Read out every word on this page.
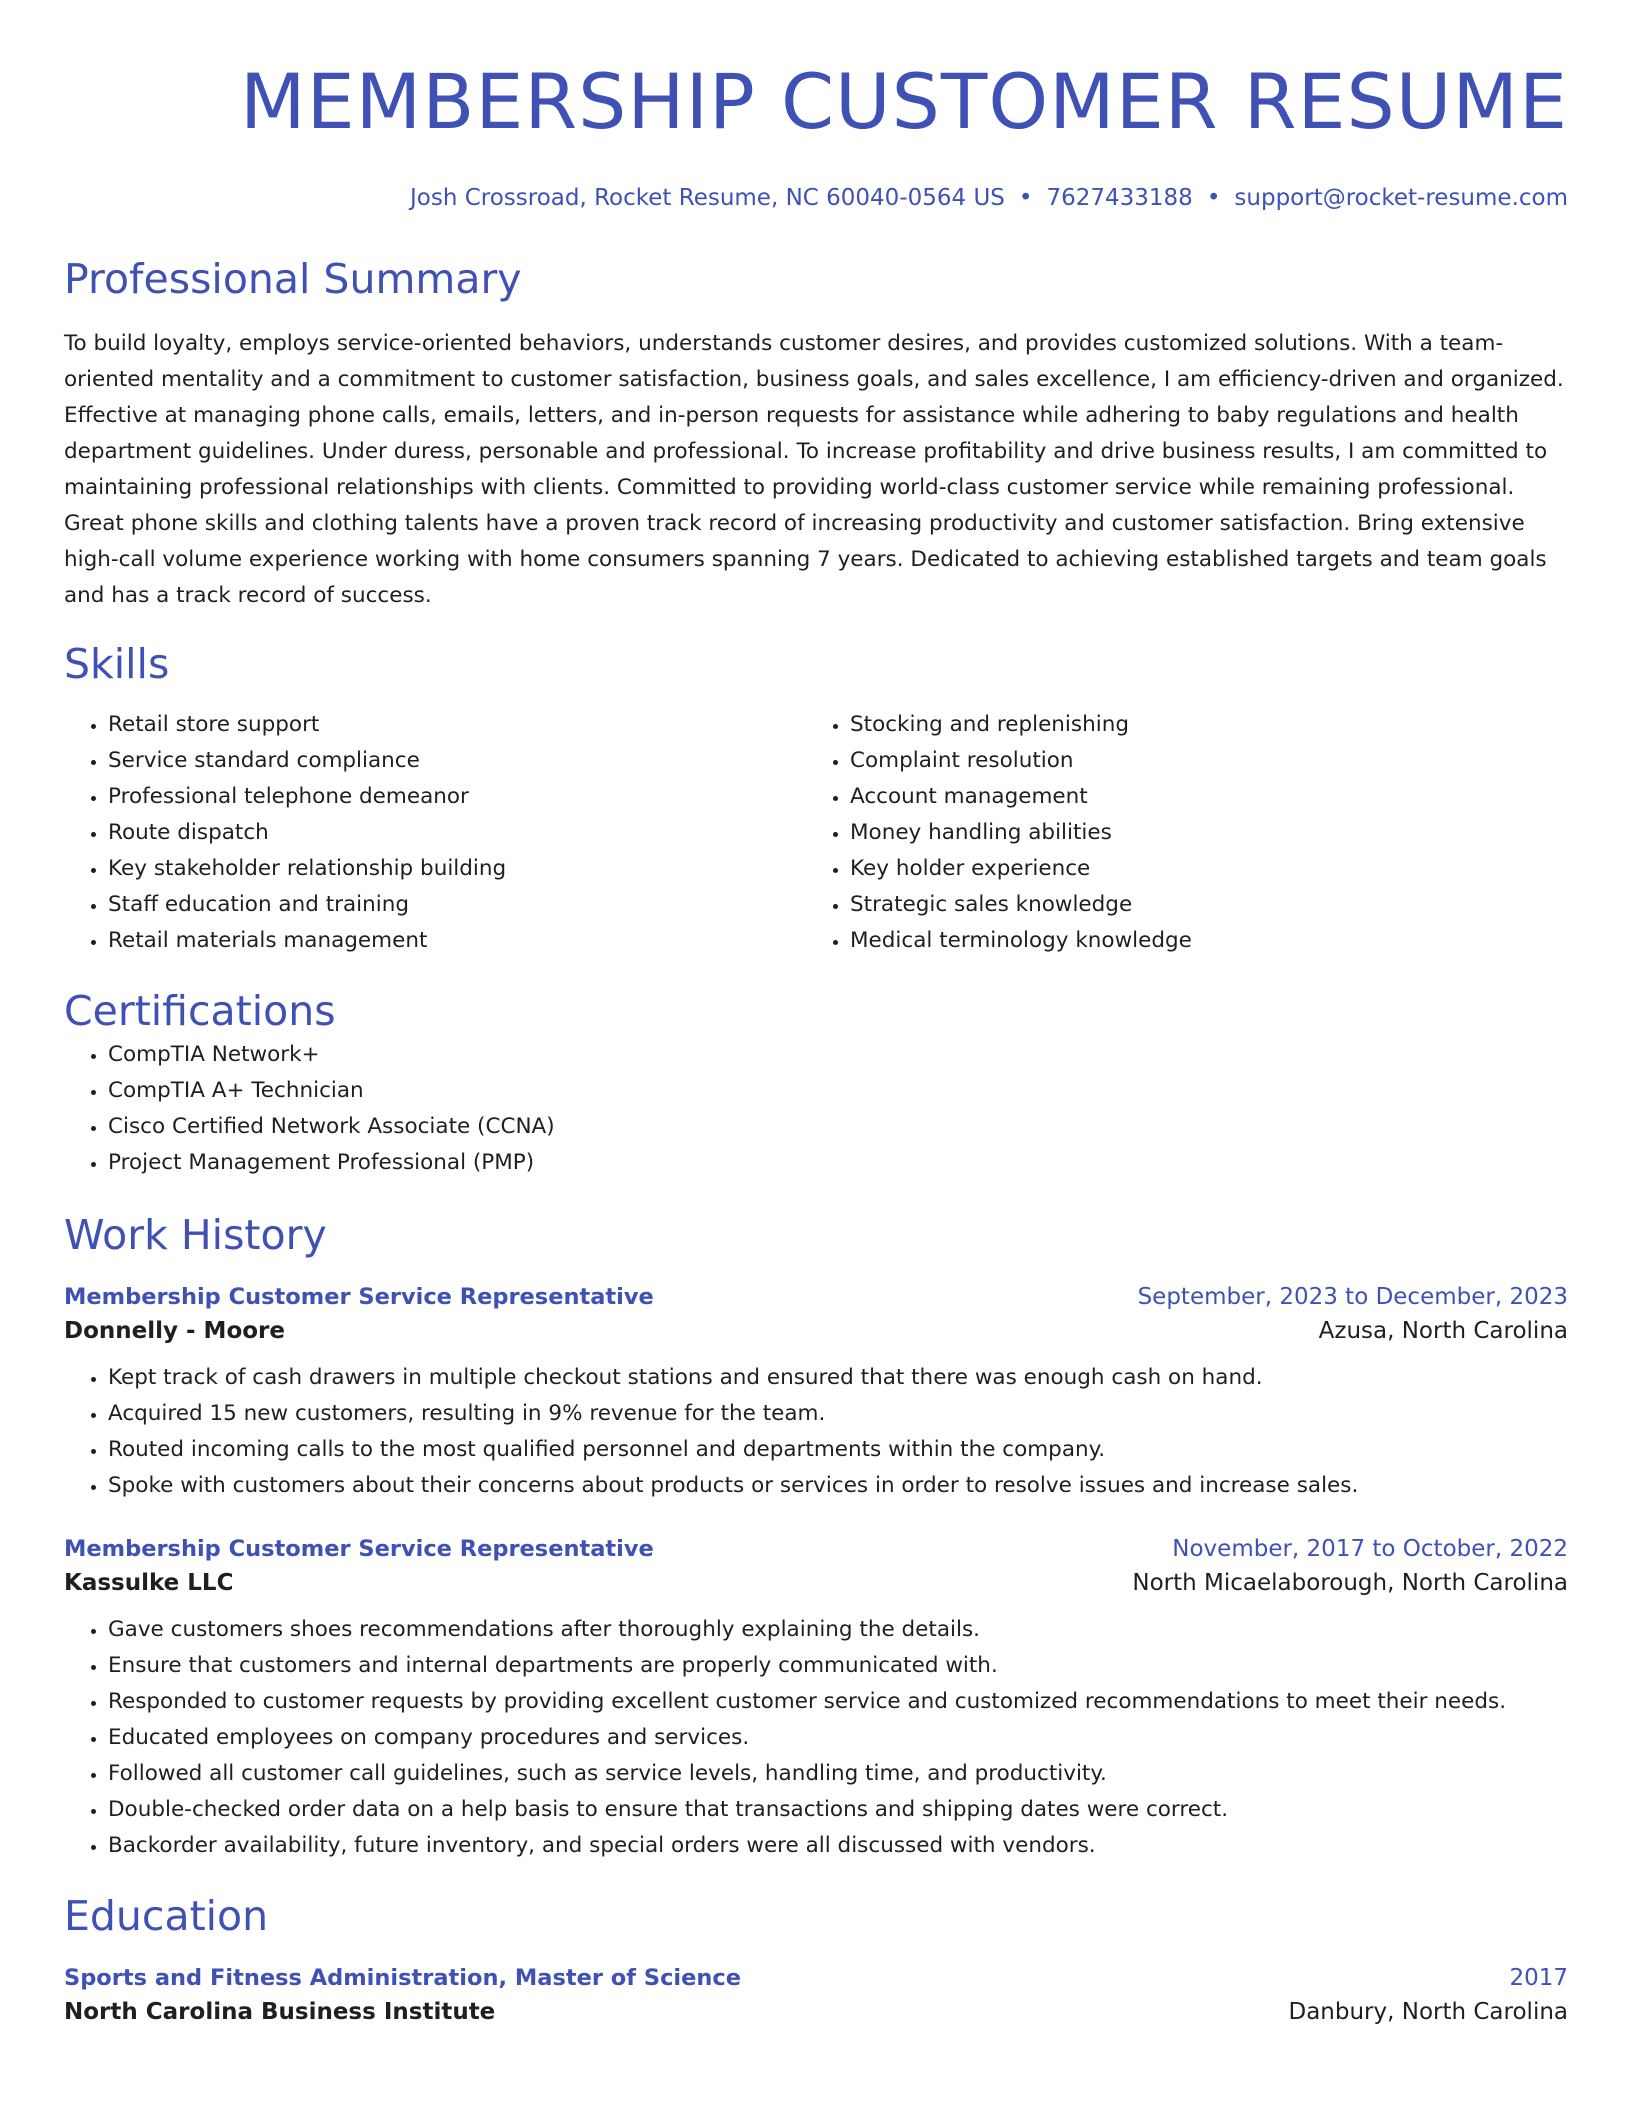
MEMBERSHIP CUSTOMER RESUME
Josh Crossroad, Rocket Resume, NC 60040-0564 US • 7627433188 • support@rocket-resume.com
Professional Summary
To build loyalty, employs service-oriented behaviors, understands customer desires, and provides customized solutions. With a team-oriented mentality and a commitment to customer satisfaction, business goals, and sales excellence, I am efficiency-driven and organized. Effective at managing phone calls, emails, letters, and in-person requests for assistance while adhering to baby regulations and health department guidelines. Under duress, personable and professional. To increase profitability and drive business results, I am committed to maintaining professional relationships with clients. Committed to providing world-class customer service while remaining professional. Great phone skills and clothing talents have a proven track record of increasing productivity and customer satisfaction. Bring extensive high-call volume experience working with home consumers spanning 7 years. Dedicated to achieving established targets and team goals and has a track record of success.
Skills
• Retail store support
• Service standard compliance
• Professional telephone demeanor
• Route dispatch
• Key stakeholder relationship building
• Staff education and training
• Retail materials management
• Stocking and replenishing
• Complaint resolution
• Account management
• Money handling abilities
• Key holder experience
• Strategic sales knowledge
• Medical terminology knowledge
Certifications
• CompTIA Network+
• CompTIA A+ Technician
• Cisco Certified Network Associate (CCNA)
• Project Management Professional (PMP)
Work History
Membership Customer Service Representative	September, 2023 to December, 2023
Donnelly - Moore	Azusa, North Carolina
• Kept track of cash drawers in multiple checkout stations and ensured that there was enough cash on hand.
• Acquired 15 new customers, resulting in 9% revenue for the team.
• Routed incoming calls to the most qualified personnel and departments within the company.
• Spoke with customers about their concerns about products or services in order to resolve issues and increase sales.
Membership Customer Service Representative	November, 2017 to October, 2022
Kassulke LLC	North Micaelaborough, North Carolina
• Gave customers shoes recommendations after thoroughly explaining the details.
• Ensure that customers and internal departments are properly communicated with.
• Responded to customer requests by providing excellent customer service and customized recommendations to meet their needs.
• Educated employees on company procedures and services.
• Followed all customer call guidelines, such as service levels, handling time, and productivity.
• Double-checked order data on a help basis to ensure that transactions and shipping dates were correct.
• Backorder availability, future inventory, and special orders were all discussed with vendors.
Education
Sports and Fitness Administration, Master of Science	2017
North Carolina Business Institute	Danbury, North Carolina
